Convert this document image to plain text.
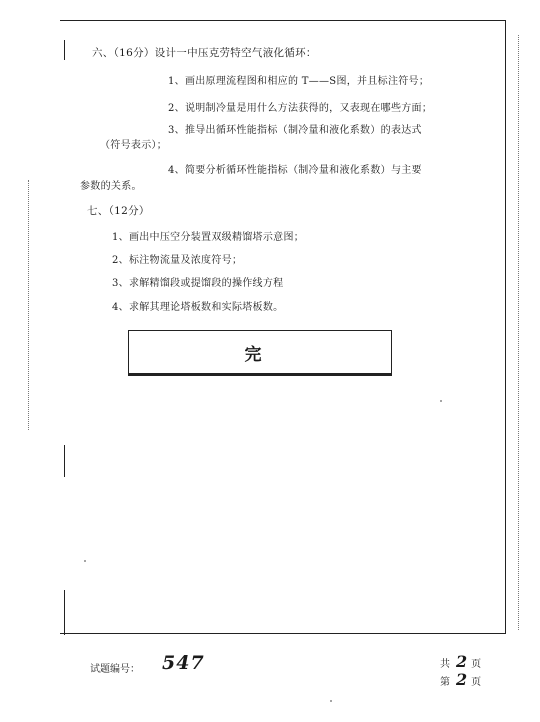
六、（16分）设计一中压克劳特空气液化循环：
1、画出原理流程图和相应的 T——S图，并且标注符号；
2、说明制冷量是用什么方法获得的，又表现在哪些方面；
3、推导出循环性能指标（制冷量和液化系数）的表达式
（符号表示）；
4、简要分析循环性能指标（制冷量和液化系数）与主要
参数的关系。
七、（12分）
1、画出中压空分装置双级精馏塔示意图；
2、标注物流量及浓度符号；
3、求解精馏段或提馏段的操作线方程
4、求解其理论塔板数和实际塔板数。
完
试题编号： 547	共 2 页
第 2 页
